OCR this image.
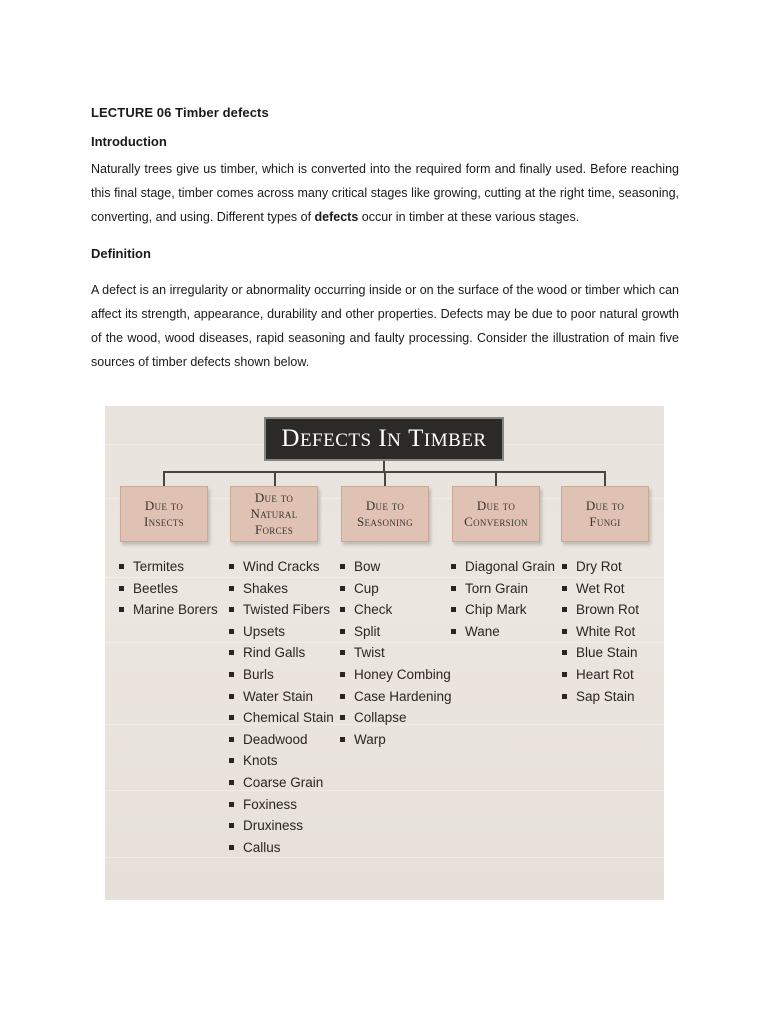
LECTURE 06 Timber defects
Introduction
Naturally trees give us timber, which is converted into the required form and finally used. Before reaching this final stage, timber comes across many critical stages like growing, cutting at the right time, seasoning, converting, and using. Different types of defects occur in timber at these various stages.
Definition
A defect is an irregularity or abnormality occurring inside or on the surface of the wood or timber which can affect its strength, appearance, durability and other properties. Defects may be due to poor natural growth of the wood, wood diseases, rapid seasoning and faulty processing. Consider the illustration of main five sources of timber defects shown below.
DEFECTS IN TIMBER
Due to
Insects
Due to
Natural
Forces
Due to
Seasoning
Due to
Conversion
Due to
Fungi
Termites
Beetles
Marine Borers
Wind Cracks
Shakes
Twisted Fibers
Upsets
Rind Galls
Burls
Water Stain
Chemical Stain
Deadwood
Knots
Coarse Grain
Foxiness
Druxiness
Callus
Bow
Cup
Check
Split
Twist
Honey Combing
Case Hardening
Collapse
Warp
Diagonal Grain
Torn Grain
Chip Mark
Wane
Dry Rot
Wet Rot
Brown Rot
White Rot
Blue Stain
Heart Rot
Sap Stain
